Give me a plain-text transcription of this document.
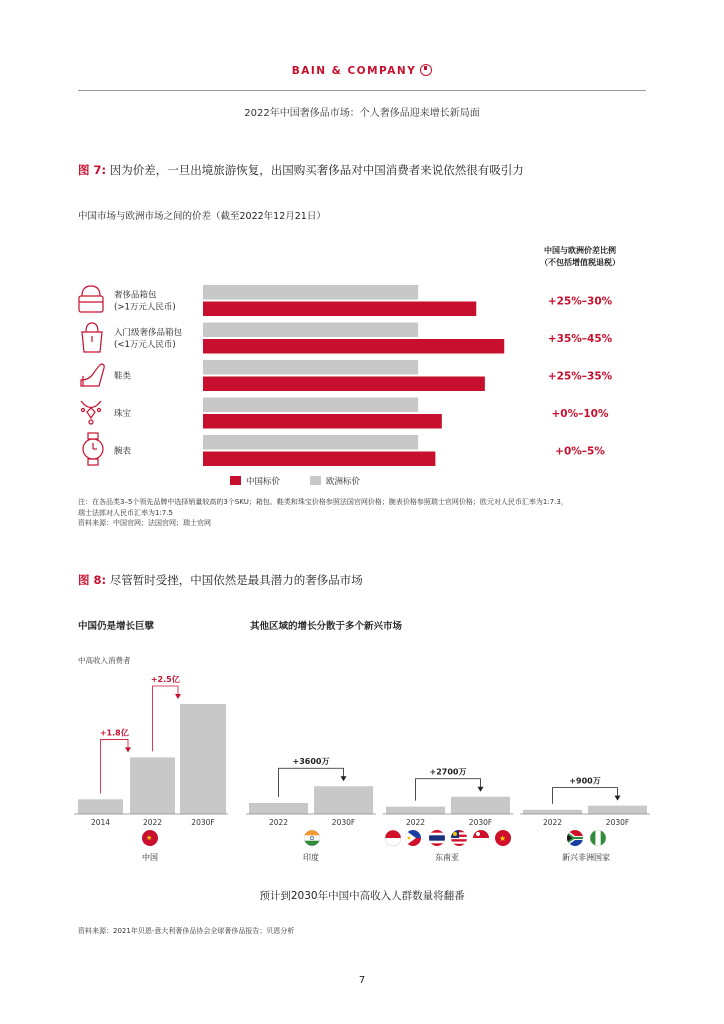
BAIN & COMPANY
2022年中国奢侈品市场：个人奢侈品迎来增长新局面
图 7: 因为价差，一旦出境旅游恢复，出国购买奢侈品对中国消费者来说依然很有吸引力
中国市场与欧洲市场之间的价差（截至2022年12月21日）
中国与欧洲价差比例
（不包括增值税退税）
奢侈品箱包
(>1万元人民币)	+25%–30%
入门级奢侈品箱包
(<1万元人民币)	+35%–45%
鞋类	+25%–35%
珠宝	+0%–10%
腕表	+0%–5%
中国标价	欧洲标价
注：在各品类3–5个领先品牌中选择销量较高的3个SKU；箱包、鞋类和珠宝价格参照法国官网价格；腕表价格参照瑞士官网价格；欧元对人民币汇率为1:7.3，
瑞士法郎对人民币汇率为1:7.5
资料来源：中国官网；法国官网；瑞士官网
图 8: 尽管暂时受挫，中国依然是最具潜力的奢侈品市场
中国仍是增长巨擘	其他区域的增长分散于多个新兴市场
中高收入消费者
2014	2022	2030F
+1.8亿
+2.5亿
2022	2030F
+3600万
2022	2030F
+2700万
2022	2030F
+900万
★	★
中国	印度	东南亚	新兴非洲国家
预计到2030年中国中高收入人群数量将翻番
资料来源：2021年贝恩-意大利奢侈品协会全球奢侈品报告；贝恩分析
7
